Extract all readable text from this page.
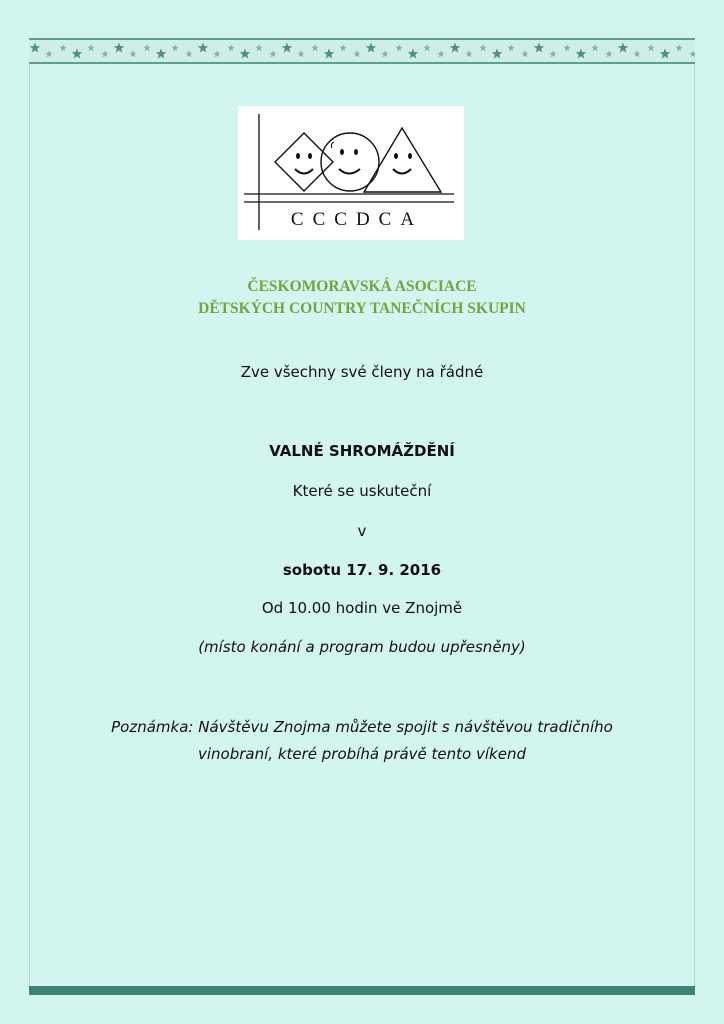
CCCDCA
ČESKOMORAVSKÁ ASOCIACE
DĚTSKÝCH COUNTRY TANEČNÍCH SKUPIN
Zve všechny své členy na řádné
VALNÉ SHROMÁŽDĚNÍ
Které se uskuteční
v
sobotu 17. 9. 2016
Od 10.00 hodin ve Znojmě
(místo konání a program budou upřesněny)
Poznámka: Návštěvu Znojma můžete spojit s návštěvou tradičního
vinobraní, které probíhá právě tento víkend
